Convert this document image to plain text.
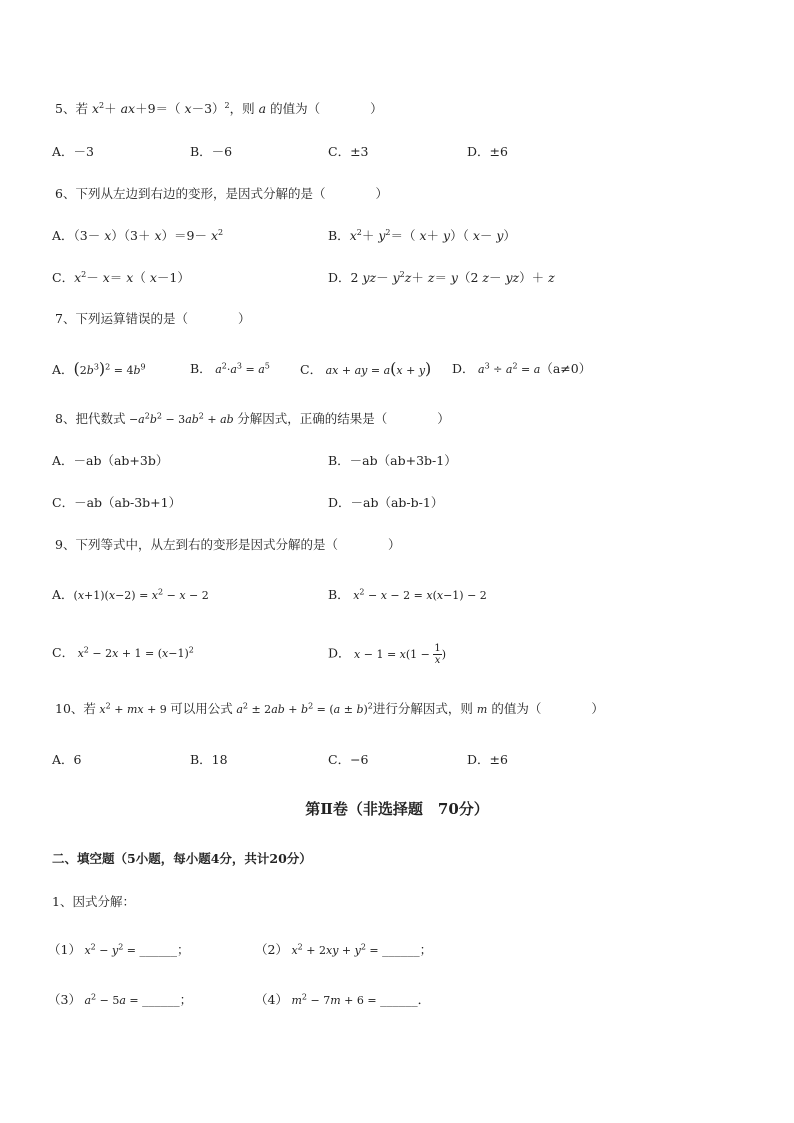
5、若 $x^2+ ax+9=$（ x－3）$^2$，则 a 的值为（　　　　）
A．－3	B．－6	C．±3	D．±6
6、下列从左边到右边的变形，是因式分解的是（　　　　）
A．$(3- x)(3+ x)=9- x^2$	B．$x^2+ y^2=$（ x＋ y）（ x－ y）
C．$x^2- x= x$（ x－1）	D．2 $yz- y^2z+ z= y(2$ z－ yz）＋ z
7、下列运算错误的是（　　　　）
A．$(2b^3)^2 = 4b^9$	B． $a^2\cdot a^3 = a^5$ C． ax + ay = a(x + y) D． $a^3 \div a^2 = a(a\ne 0)$
8、把代数式 $-a^2b^2 - 3ab^2$ + ab 分解因式，正确的结果是（　　　　）
A．－ab（ab+3b）	B．－ab（ab+3b-1）
C．－ab（ab-3b+1）	D．－ab（ab-b-1）
9、下列等式中，从左到右的变形是因式分解的是（　　　　）
A．$(x+1)(x-2) = x^2 - x - 2$	B． $x^2 - x - 2 = x(x-1) - 2$
C． $x^2 - 2x + 1 = (x-1)^2$	D． $x - 1 = x(1 - \frac{1}{x}$ )
10、若 $x^2$ + mx + 9 可以用公式 $a^2 \pm 2ab + b^2 = (a \pm b)^2$进行分解因式，则 m 的值为（　　　　）
A．6	B．18	C．−6	D．±6
第Ⅱ卷（非选择题　70分）
二、填空题（5小题，每小题4分，共计20分）
1、因式分解：
（1） $x^2 - y^2$ = ______；	（2） $x^2 + 2xy + y^2$ = ______；
（3） $a^2 - 5a$ = ______；	（4） $m^2 - 7m + 6$ = ______．
